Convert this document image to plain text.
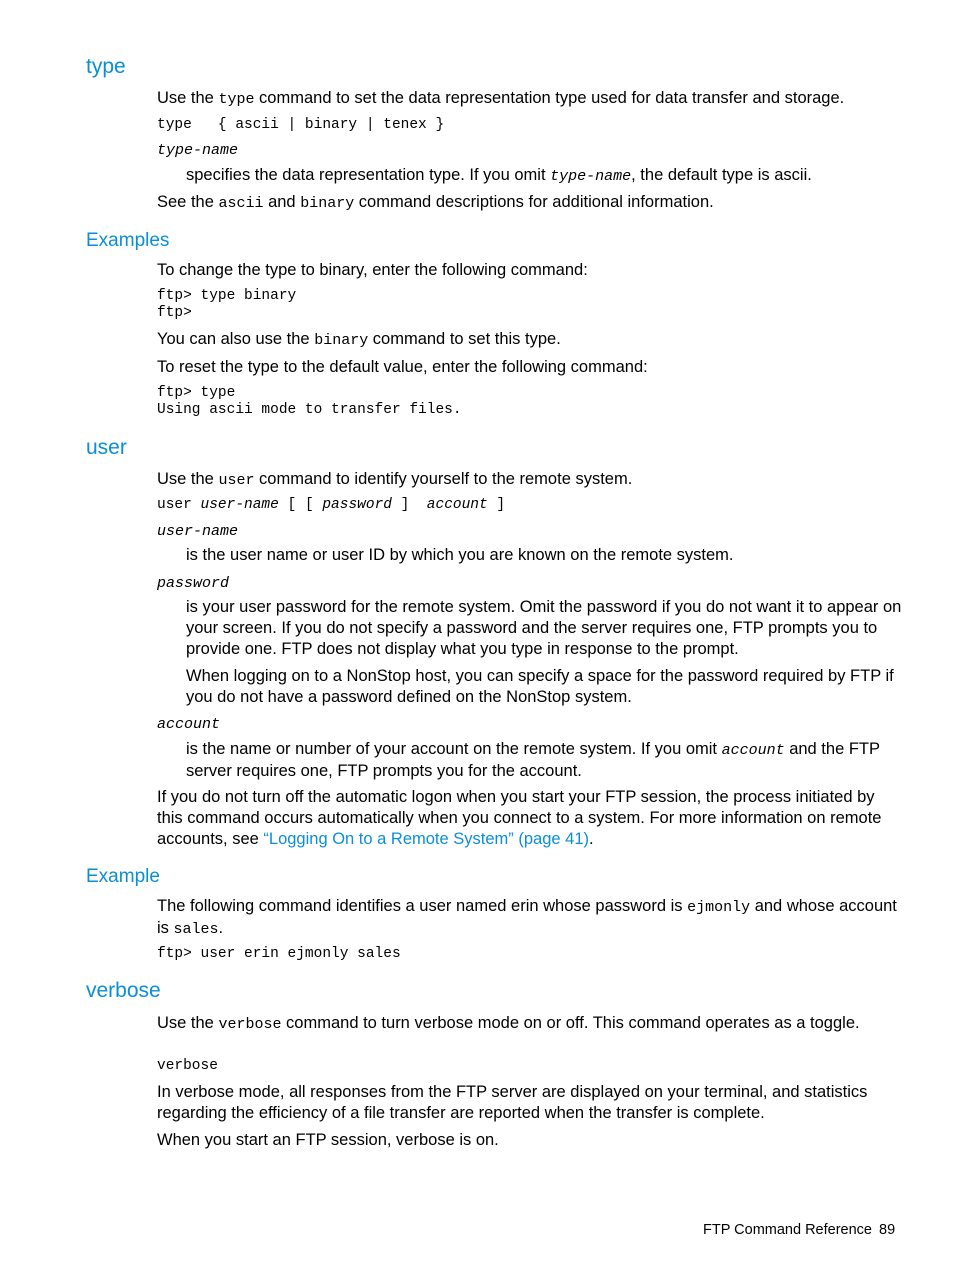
type

Use the type command to set the data representation type used for data transfer and storage.

type   { ascii | binary | tenex }
type-name

specifies the data representation type. If you omit type-name, the default type is ascii.

See the ascii and binary command descriptions for additional information.

Examples

To change the type to binary, enter the following command:

ftp> type binary
ftp>

You can also use the binary command to set this type.

To reset the type to the default value, enter the following command:

ftp> type
Using ascii mode to transfer files.
user

Use the user command to identify yourself to the remote system.

user user-name [ [ password ]  account ]
user-name

is the user name or user ID by which you are known on the remote system.

password

is your user password for the remote system. Omit the password if you do not want it to appear on your screen. If you do not specify a password and the server requires one, FTP prompts you to provide one. FTP does not display what you type in response to the prompt.

When logging on to a NonStop host, you can specify a space for the password required by FTP if you do not have a password defined on the NonStop system.

account

is the name or number of your account on the remote system. If you omit account and the FTP server requires one, FTP prompts you for the account.

If you do not turn off the automatic logon when you start your FTP session, the process initiated by this command occurs automatically when you connect to a system. For more information on remote accounts, see “Logging On to a Remote System” (page 41).

Example

The following command identifies a user named erin whose password is ejmonly and whose account is sales.

ftp> user erin ejmonly sales
verbose

Use the verbose command to turn verbose mode on or off. This command operates as a toggle.

verbose

In verbose mode, all responses from the FTP server are displayed on your terminal, and statistics regarding the efficiency of a file transfer are reported when the transfer is complete.

When you start an FTP session, verbose is on.

FTP Command Reference 89
